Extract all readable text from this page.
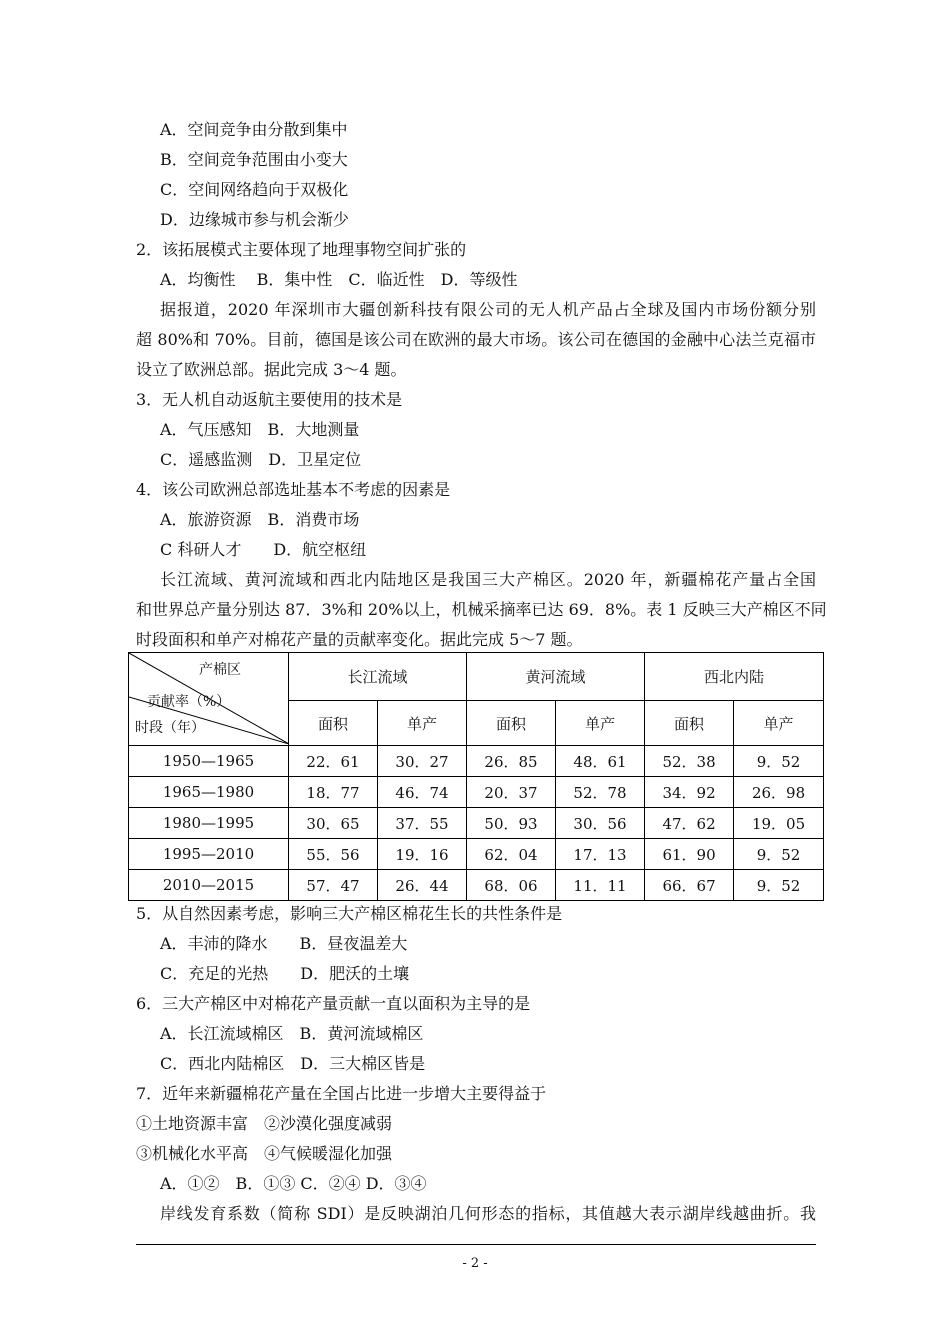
A．空间竞争由分散到集中
B．空间竞争范围由小变大
C．空间网络趋向于双极化
D．边缘城市参与机会渐少
2．该拓展模式主要体现了地理事物空间扩张的
A．均衡性　 B．集中性　C．临近性　D．等级性
据报道，2020 年深圳市大疆创新科技有限公司的无人机产品占全球及国内市场份额分别
超 80%和 70%。目前，德国是该公司在欧洲的最大市场。该公司在德国的金融中心法兰克福市
设立了欧洲总部。据此完成 3～4 题。
3．无人机自动返航主要使用的技术是
A．气压感知　B．大地测量
C．遥感监测　D．卫星定位
4．该公司欧洲总部选址基本不考虑的因素是
A．旅游资源　B．消费市场
C 科研人才　　D．航空枢纽
长江流域、黄河流域和西北内陆地区是我国三大产棉区。2020 年，新疆棉花产量占全国
和世界总产量分别达 87．3%和 20%以上，机械采摘率已达 69．8%。表 1 反映三大产棉区不同
时段面积和单产对棉花产量的贡献率变化。据此完成 5～7 题。
产棉区
贡献率（%）
时段（年）	长江流域		黄河流域		西北内陆	
	面积	单产	面积	单产	面积	单产
1950—1965	22．61	30．27	26．85	48．61	52．38	9．52
1965—1980	18．77	46．74	20．37	52．78	34．92	26．98
1980—1995	30．65	37．55	50．93	30．56	47．62	19．05
1995—2010	55．56	19．16	62．04	17．13	61．90	9．52
2010—2015	57．47	26．44	68．06	11．11	66．67	9．52
5．从自然因素考虑，影响三大产棉区棉花生长的共性条件是
A．丰沛的降水　　B．昼夜温差大
C．充足的光热　　D．肥沃的土壤
6．三大产棉区中对棉花产量贡献一直以面积为主导的是
A．长江流域棉区　B．黄河流域棉区
C．西北内陆棉区　D．三大棉区皆是
7．近年来新疆棉花产量在全国占比进一步增大主要得益于
①土地资源丰富　②沙漠化强度减弱
③机械化水平高　④气候暖湿化加强
A．①②　B．①③ C．②④ D．③④
岸线发育系数（简称 SDI）是反映湖泊几何形态的指标，其值越大表示湖岸线越曲折。我
- 2 -
